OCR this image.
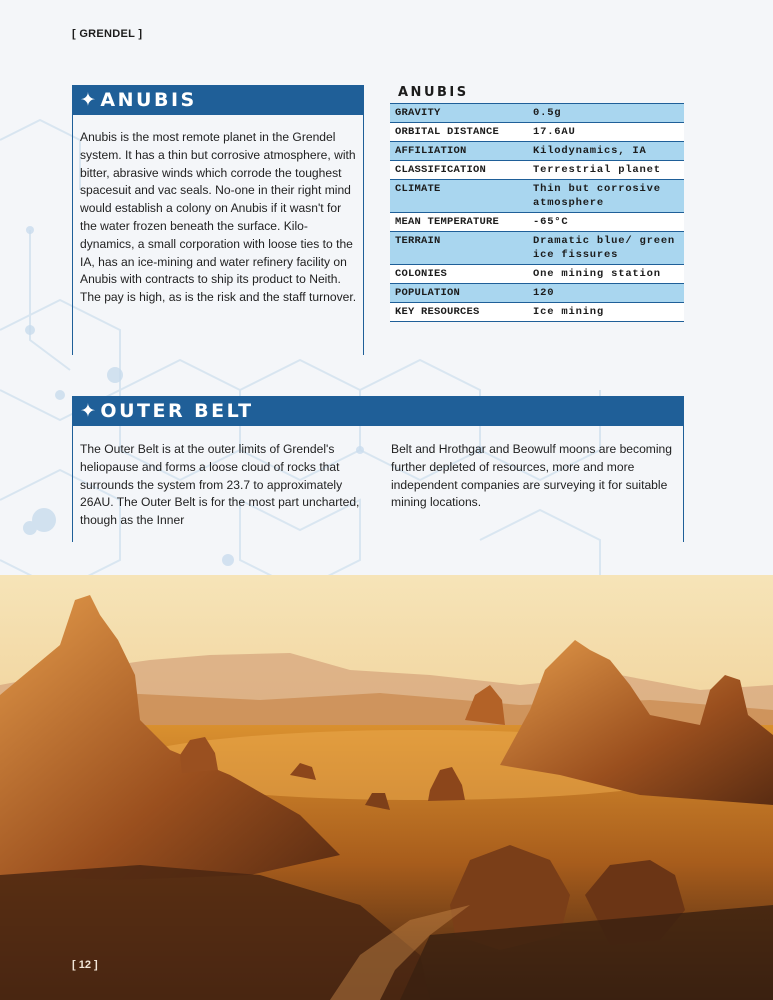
[ GRENDEL ]
✦ ANUBIS

Anubis is the most remote planet in the Grendel system. It has a thin but corrosive atmosphere, with bitter, abrasive winds which corrode the toughest spacesuit and vac seals. No-one in their right mind would establish a colony on Anubis if it wasn't for the water frozen beneath the surface. Kilodynamics, a small corporation with loose ties to the IA, has an ice-mining and water refinery facility on Anubis with contracts to ship its product to Neith. The pay is high, as is the risk and the staff turnover.

ANUBIS
GRAVITY	0.5g
ORBITAL DISTANCE	17.6AU
AFFILIATION	Kilodynamics, IA
CLASSIFICATION	Terrestrial planet
CLIMATE	Thin but corrosive atmosphere
MEAN TEMPERATURE	-65°C
TERRAIN	Dramatic blue/ green ice fissures
COLONIES	One mining station
POPULATION	120
KEY RESOURCES	Ice mining
✦ OUTER BELT

The Outer Belt is at the outer limits of Grendel's heliopause and forms a loose cloud of rocks that surrounds the system from 23.7 to approximately 26AU. The Outer Belt is for the most part uncharted, though as the Inner

Belt and Hrothgar and Beowulf moons are becoming further depleted of resources, more and more independent companies are surveying it for suitable mining locations.

[ 12 ]
